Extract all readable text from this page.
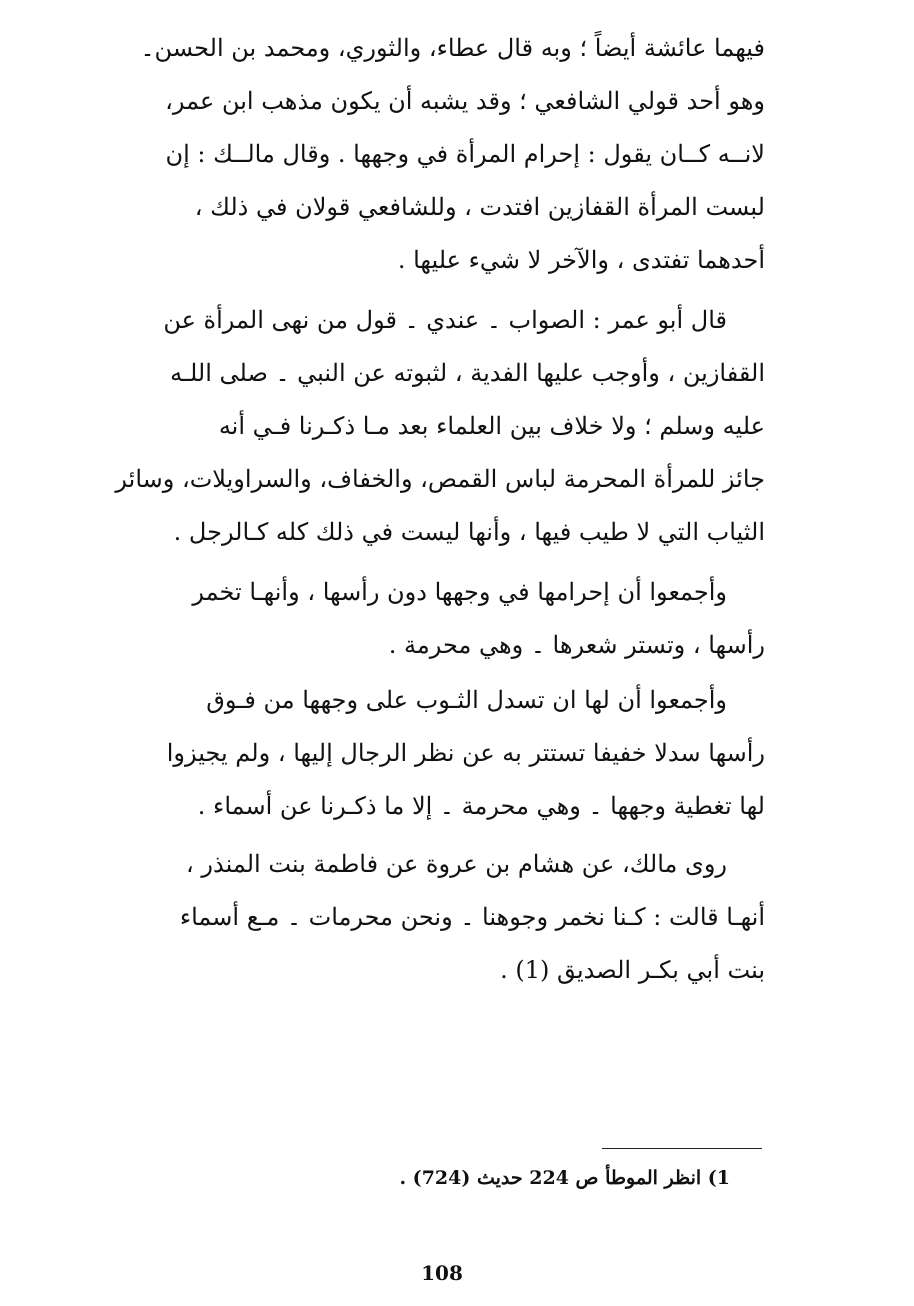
فيهما عائشة أيضاً ؛ وبه قال عطاء، والثوري، ومحمد بن الحسن۔
وهو أحد قولي الشافعي ؛ وقد يشبه أن يكون مذهب ابن عمر،
لانــه كــان يقول : إحرام المرأة في وجهها . وقال مالــك : إن
لبست المرأة القفازين افتدت ، وللشافعي قولان في ذلك ،
أحدهما تفتدى ، والآخر لا شيء عليها .
قال أبو عمر : الصواب ۔ عندي ۔ قول من نهى المرأة عن
القفازين ، وأوجب عليها الفدية ، لثبوته عن النبي ۔ صلى اللـه
عليه وسلم ؛ ولا خلاف بين العلماء بعد مـا ذكـرنا فـي أنه
جائز للمرأة المحرمة لباس القمص، والخفاف، والسراويلات، وسائر
الثياب التي لا طيب فيها ، وأنها ليست في ذلك كله كـالرجل .
وأجمعوا أن إحرامها في وجهها دون رأسها ، وأنهـا تخمر
رأسها ، وتستر شعرها ۔ وهي محرمة .
وأجمعوا أن لها ان تسدل الثـوب على وجهها من فـوق
رأسها سدلا خفيفا تستتر به عن نظر الرجال إليها ، ولم يجيزوا
لها تغطية وجهها ۔ وهي محرمة ۔ إلا ما ذكـرنا عن أسماء .
روى مالك، عن هشام بن عروة عن فاطمة بنت المنذر ،
أنهـا قالت : كـنا نخمر وجوهنا ۔ ونحن محرمات ۔ مـع أسماء
بنت أبي بكـر الصديق (1) .
1) انظر الموطأ ص 224 حديث (724) .
108
